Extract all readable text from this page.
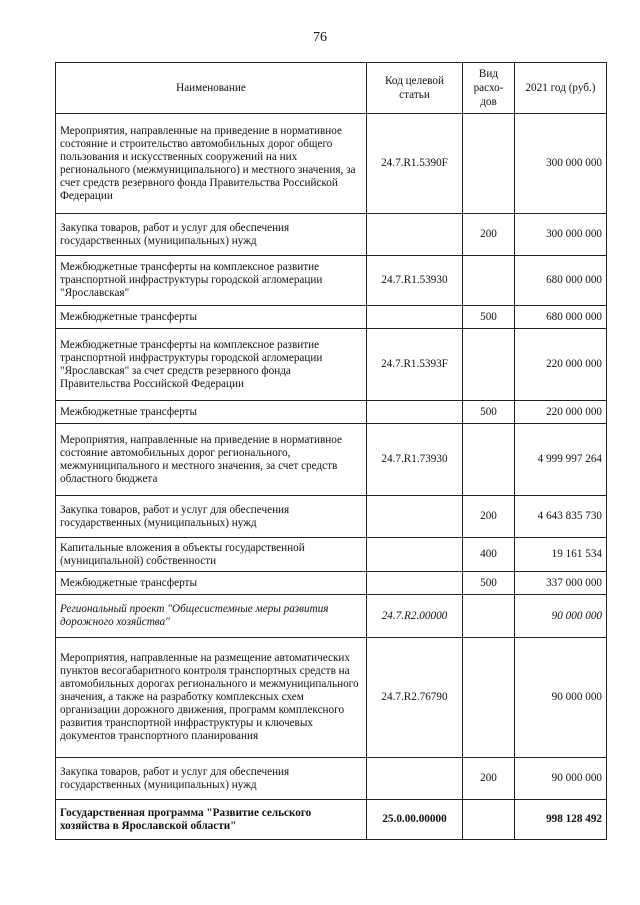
76
Наименование	Код целевой статьи	Вид расхо-дов	2021 год (руб.)
Мероприятия, направленные на приведение в нормативное состояние и строительство автомобильных дорог общего пользования и искусственных сооружений на них регионального (межмуниципального) и местного значения, за счет средств резервного фонда Правительства Российской Федерации	24.7.R1.5390F		300 000 000
Закупка товаров, работ и услуг для обеспечения государственных (муниципальных) нужд		200	300 000 000
Межбюджетные трансферты на комплексное развитие транспортной инфраструктуры городской агломерации "Ярославская"	24.7.R1.53930		680 000 000
Межбюджетные трансферты		500	680 000 000
Межбюджетные трансферты на комплексное развитие транспортной инфраструктуры городской агломерации "Ярославская" за счет средств резервного фонда Правительства Российской Федерации	24.7.R1.5393F		220 000 000
Межбюджетные трансферты		500	220 000 000
Мероприятия, направленные на приведение в нормативное состояние автомобильных дорог регионального, межмуниципального и местного значения, за счет средств областного бюджета	24.7.R1.73930		4 999 997 264
Закупка товаров, работ и услуг для обеспечения государственных (муниципальных) нужд		200	4 643 835 730
Капитальные вложения в объекты государственной (муниципальной) собственности		400	19 161 534
Межбюджетные трансферты		500	337 000 000
Региональный проект "Общесистемные меры развития дорожного хозяйства"	24.7.R2.00000		90 000 000
Мероприятия, направленные на размещение автоматических пунктов весогабаритного контроля транспортных средств на автомобильных дорогах регионального и межмуниципального значения, а также на разработку комплексных схем организации дорожного движения, программ комплексного развития транспортной инфраструктуры и ключевых документов транспортного планирования	24.7.R2.76790		90 000 000
Закупка товаров, работ и услуг для обеспечения государственных (муниципальных) нужд		200	90 000 000
Государственная программа "Развитие сельского хозяйства в Ярославской области"	25.0.00.00000		998 128 492
